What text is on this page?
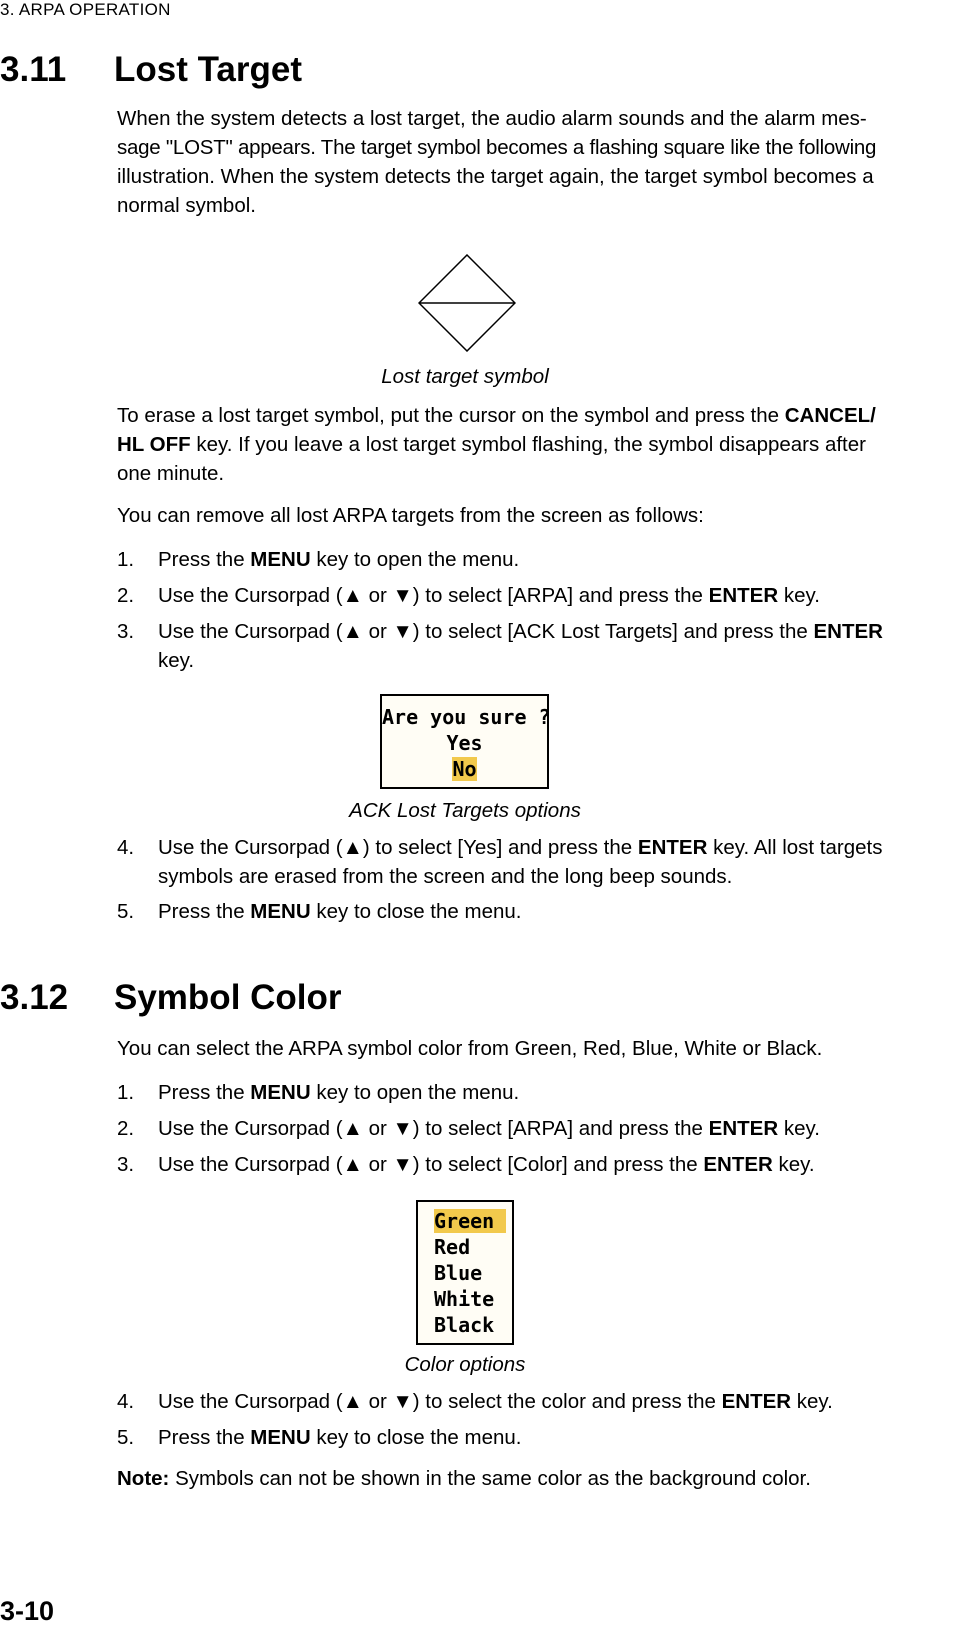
3. ARPA OPERATION
3.11 Lost Target
When the system detects a lost target, the audio alarm sounds and the alarm mes-
sage "LOST" appears. The target symbol becomes a flashing square like the following
illustration. When the system detects the target again, the target symbol becomes a
normal symbol.
Lost target symbol
To erase a lost target symbol, put the cursor on the symbol and press the CANCEL/
HL OFF key. If you leave a lost target symbol flashing, the symbol disappears after
one minute.
You can remove all lost ARPA targets from the screen as follows:
1. Press the MENU key to open the menu.
2. Use the Cursorpad (▲ or ▼) to select [ARPA] and press the ENTER key.
3. Use the Cursorpad (▲ or ▼) to select [ACK Lost Targets] and press the ENTER
key.
Are you sure ?
Yes
No
ACK Lost Targets options
4. Use the Cursorpad (▲) to select [Yes] and press the ENTER key. All lost targets
symbols are erased from the screen and the long beep sounds.
5. Press the MENU key to close the menu.
3.12 Symbol Color
You can select the ARPA symbol color from Green, Red, Blue, White or Black.
1. Press the MENU key to open the menu.
2. Use the Cursorpad (▲ or ▼) to select [ARPA] and press the ENTER key.
3. Use the Cursorpad (▲ or ▼) to select [Color] and press the ENTER key.
Green
Red
Blue
White
Black
Color options
4. Use the Cursorpad (▲ or ▼) to select the color and press the ENTER key.
5. Press the MENU key to close the menu.
Note: Symbols can not be shown in the same color as the background color.
3-10
